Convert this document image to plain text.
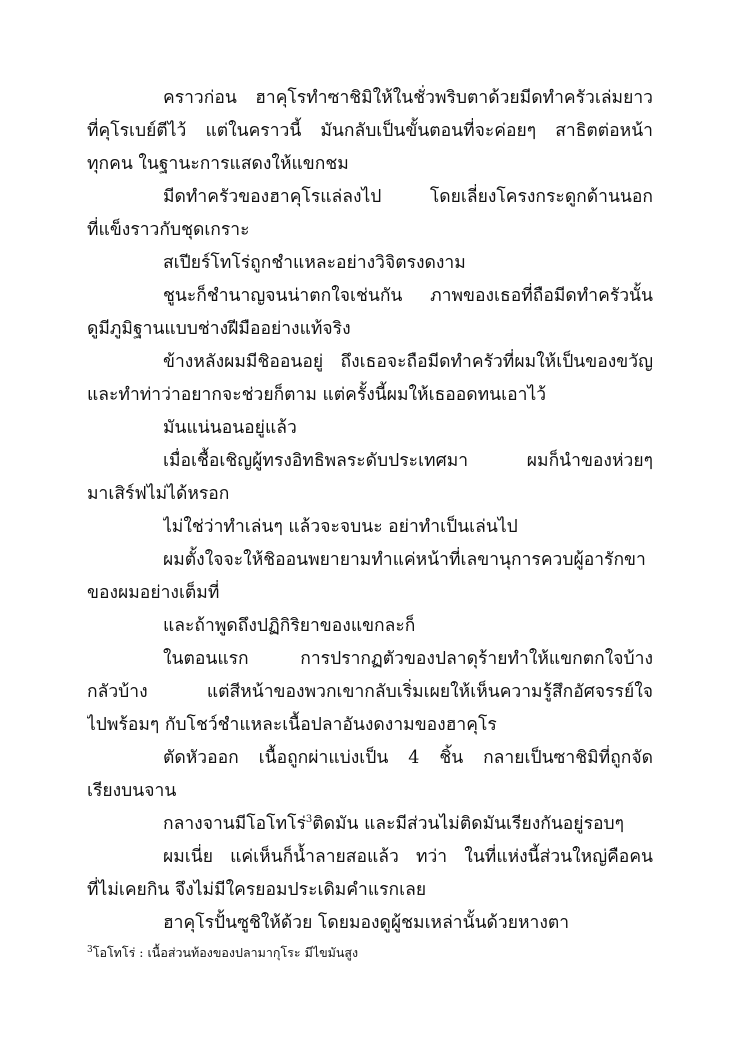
คราวก่อน ฮาคุโรทำซาชิมิให้ในชั่วพริบตาด้วยมีดทำครัวเล่มยาว
ที่คุโรเบย์ตีไว้ แต่ในคราวนี้ มันกลับเป็นขั้นตอนที่จะค่อยๆ สาธิตต่อหน้า
ทุกคน ในฐานะการแสดงให้แขกชม
มีดทำครัวของฮาคุโรแล่ลงไป โดยเลี่ยงโครงกระดูกด้านนอก
ที่แข็งราวกับชุดเกราะ
สเปียร์โทโร่ถูกชำแหละอย่างวิจิตรงดงาม
ชูนะก็ชำนาญจนน่าตกใจเช่นกัน ภาพของเธอที่ถือมีดทำครัวนั้น
ดูมีภูมิฐานแบบช่างฝีมืออย่างแท้จริง
ข้างหลังผมมีชิออนอยู่ ถึงเธอจะถือมีดทำครัวที่ผมให้เป็นของขวัญ
และทำท่าว่าอยากจะช่วยก็ตาม แต่ครั้งนี้ผมให้เธออดทนเอาไว้
มันแน่นอนอยู่แล้ว
เมื่อเชื้อเชิญผู้ทรงอิทธิพลระดับประเทศมา ผมก็นำของห่วยๆ
มาเสิร์ฟไม่ได้หรอก
ไม่ใช่ว่าทำเล่นๆ แล้วจะจบนะ อย่าทำเป็นเล่นไป
ผมตั้งใจจะให้ชิออนพยายามทำแค่หน้าที่เลขานุการควบผู้อารักขา
ของผมอย่างเต็มที่
และถ้าพูดถึงปฏิกิริยาของแขกละก็
ในตอนแรก การปรากฏตัวของปลาดุร้ายทำให้แขกตกใจบ้าง
กลัวบ้าง แต่สีหน้าของพวกเขากลับเริ่มเผยให้เห็นความรู้สึกอัศจรรย์ใจ
ไปพร้อมๆ กับโชว์ชำแหละเนื้อปลาอันงดงามของฮาคุโร
ตัดหัวออก เนื้อถูกผ่าแบ่งเป็น 4 ชิ้น กลายเป็นซาชิมิที่ถูกจัด
เรียงบนจาน
กลางจานมีโอโทโร่$^3$ติดมัน และมีส่วนไม่ติดมันเรียงกันอยู่รอบๆ
ผมเนี่ย แค่เห็นก็น้ำลายสอแล้ว ทว่า ในที่แห่งนี้ส่วนใหญ่คือคน
ที่ไม่เคยกิน จึงไม่มีใครยอมประเดิมคำแรกเลย
ฮาคุโรปั้นซูชิให้ด้วย โดยมองดูผู้ชมเหล่านั้นด้วยหางตา
$^3$โอโทโร่ : เนื้อส่วนท้องของปลามากุโระ มีไขมันสูง
